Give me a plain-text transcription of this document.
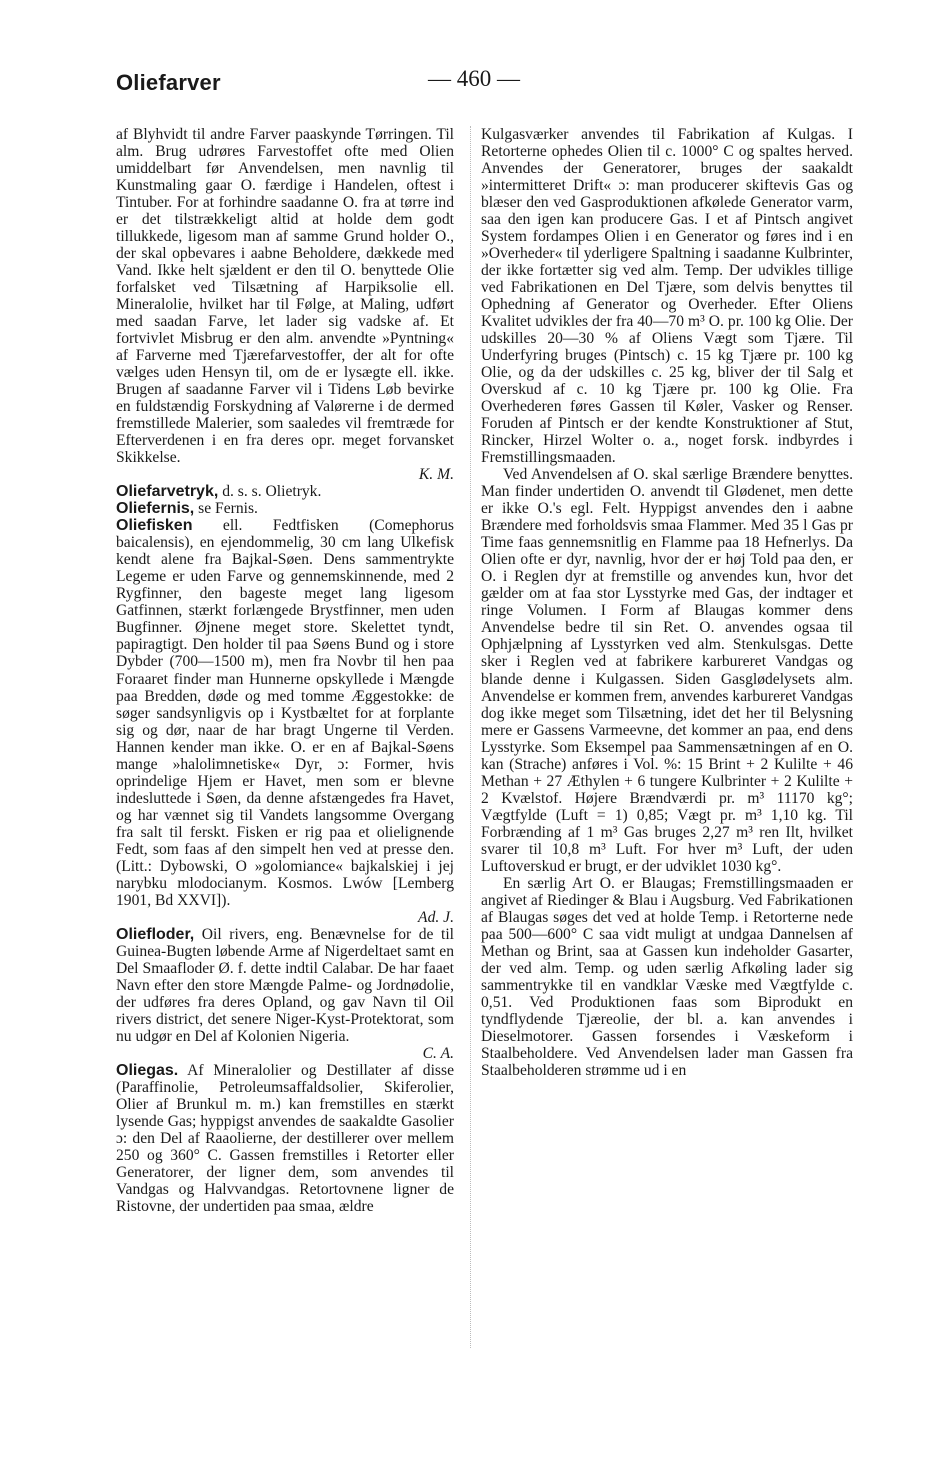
Oliefarver	— 460 —

af Blyhvidt til andre Farver paaskynde Tørringen. Til alm. Brug udrøres Farvestoffet ofte med Olien umiddelbart før Anvendelsen, men navnlig til Kunstmaling gaar O. færdige i Handelen, oftest i Tintuber. For at forhindre saadanne O. fra at tørre ind er det tilstrækkeligt altid at holde dem godt tillukkede, ligesom man af samme Grund holder O., der skal opbevares i aabne Beholdere, dækkede med Vand. Ikke helt sjældent er den til O. benyttede Olie forfalsket ved Tilsætning af Harpiksolie ell. Mineralolie, hvilket har til Følge, at Maling, udført med saadan Farve, let lader sig vadske af. Et fortvivlet Misbrug er den alm. anvendte »Pyntning« af Farverne med Tjærefarvestoffer, der alt for ofte vælges uden Hensyn til, om de er lysægte ell. ikke. Brugen af saadanne Farver vil i Tidens Løb bevirke en fuldstændig Forskydning af Valørerne i de dermed fremstillede Malerier, som saaledes vil fremtræde for Efterverdenen i en fra deres opr. meget forvansket Skikkelse.

K. M.

Oliefarvetryk, d. s. s. Olietryk.

Oliefernis, se Fernis.

Oliefisken ell. Fedtfisken (Comephorus baicalensis), en ejendommelig, 30 cm lang Ulkefisk kendt alene fra Bajkal-Søen. Dens sammentrykte Legeme er uden Farve og gennemskinnende, med 2 Rygfinner, den bageste meget lang ligesom Gatfinnen, stærkt forlængede Brystfinner, men uden Bugfinner. Øjnene meget store. Skelettet tyndt, papiragtigt. Den holder til paa Søens Bund og i store Dybder (700—1500 m), men fra Novbr til hen paa Foraaret finder man Hunnerne opskyllede i Mængde paa Bredden, døde og med tomme Æggestokke: de søger sandsynligvis op i Kystbæltet for at forplante sig og dør, naar de har bragt Ungerne til Verden. Hannen kender man ikke. O. er en af Bajkal-Søens mange »halolimnetiske« Dyr, ɔ: Former, hvis oprindelige Hjem er Havet, men som er blevne indesluttede i Søen, da denne afstængedes fra Havet, og har vænnet sig til Vandets langsomme Overgang fra salt til ferskt. Fisken er rig paa et olielignende Fedt, som faas af den simpelt hen ved at presse den. (Litt.: Dybowski, O »golomiance« bajkalskiej i jej narybku mlodocianym. Kosmos. Lwów [Lemberg 1901, Bd XXVI]).

Ad. J.

Oliefloder, Oil rivers, eng. Benævnelse for de til Guinea-Bugten løbende Arme af Nigerdeltaet samt en Del Smaafloder Ø. f. dette indtil Calabar. De har faaet Navn efter den store Mængde Palme- og Jordnødolie, der udføres fra deres Opland, og gav Navn til Oil rivers district, det senere Niger-Kyst-Protektorat, som nu udgør en Del af Kolonien Nigeria.

C. A.

Oliegas. Af Mineralolier og Destillater af disse (Paraffinolie, Petroleumsaffaldsolier, Skiferolier, Olier af Brunkul m. m.) kan fremstilles en stærkt lysende Gas; hyppigst anvendes de saakaldte Gasolier ɔ: den Del af Raaolierne, der destillerer over mellem 250 og 360° C. Gassen fremstilles i Retorter eller Generatorer, der ligner dem, som anvendes til Vandgas og Halvvandgas. Retortovnene ligner de Ristovne, der undertiden paa smaa, ældre

Kulgasværker anvendes til Fabrikation af Kulgas. I Retorterne ophedes Olien til c. 1000° C og spaltes herved. Anvendes der Generatorer, bruges der saakaldt »intermitteret Drift« ɔ: man producerer skiftevis Gas og blæser den ved Gasproduktionen afkølede Generator varm, saa den igen kan producere Gas. I et af Pintsch angivet System fordampes Olien i en Generator og føres ind i en »Overheder« til yderligere Spaltning i saadanne Kulbrinter, der ikke fortætter sig ved alm. Temp. Der udvikles tillige ved Fabrikationen en Del Tjære, som delvis benyttes til Ophedning af Generator og Overheder. Efter Oliens Kvalitet udvikles der fra 40—70 m³ O. pr. 100 kg Olie. Der udskilles 20—30 % af Oliens Vægt som Tjære. Til Underfyring bruges (Pintsch) c. 15 kg Tjære pr. 100 kg Olie, og da der udskilles c. 25 kg, bliver der til Salg et Overskud af c. 10 kg Tjære pr. 100 kg Olie. Fra Overhederen føres Gassen til Køler, Vasker og Renser. Foruden af Pintsch er der kendte Konstruktioner af Stut, Rincker, Hirzel Wolter o. a., noget forsk. indbyrdes i Fremstillingsmaaden.

Ved Anvendelsen af O. skal særlige Brændere benyttes. Man finder undertiden O. anvendt til Glødenet, men dette er ikke O.'s egl. Felt. Hyppigst anvendes den i aabne Brændere med forholdsvis smaa Flammer. Med 35 l Gas pr Time faas gennemsnitlig en Flamme paa 18 Hefnerlys. Da Olien ofte er dyr, navnlig, hvor der er høj Told paa den, er O. i Reglen dyr at fremstille og anvendes kun, hvor det gælder om at faa stor Lysstyrke med Gas, der indtager et ringe Volumen. I Form af Blaugas kommer dens Anvendelse bedre til sin Ret. O. anvendes ogsaa til Ophjælpning af Lysstyrken ved alm. Stenkulsgas. Dette sker i Reglen ved at fabrikere karbureret Vandgas og blande denne i Kulgassen. Siden Gasglødelysets alm. Anvendelse er kommen frem, anvendes karbureret Vandgas dog ikke meget som Tilsætning, idet det her til Belysning mere er Gassens Varmeevne, det kommer an paa, end dens Lysstyrke. Som Eksempel paa Sammensætningen af en O. kan (Strache) anføres i Vol. %: 15 Brint + 2 Kulilte + 46 Methan + 27 Æthylen + 6 tungere Kulbrinter + 2 Kulilte + 2 Kvælstof. Højere Brændværdi pr. m³ 11170 kg°; Vægtfylde (Luft = 1) 0,85; Vægt pr. m³ 1,10 kg. Til Forbrænding af 1 m³ Gas bruges 2,27 m³ ren Ilt, hvilket svarer til 10,8 m³ Luft. For hver m³ Luft, der uden Luftoverskud er brugt, er der udviklet 1030 kg°.

En særlig Art O. er Blaugas; Fremstillingsmaaden er angivet af Riedinger & Blau i Augsburg. Ved Fabrikationen af Blaugas søges det ved at holde Temp. i Retorterne nede paa 500—600° C saa vidt muligt at undgaa Dannelsen af Methan og Brint, saa at Gassen kun indeholder Gasarter, der ved alm. Temp. og uden særlig Afkøling lader sig sammentrykke til en vandklar Væske med Vægtfylde c. 0,51. Ved Produktionen faas som Biprodukt en tyndflydende Tjæreolie, der bl. a. kan anvendes i Dieselmotorer. Gassen forsendes i Væskeform i Staalbeholdere. Ved Anvendelsen lader man Gassen fra Staalbeholderen strømme ud i en
